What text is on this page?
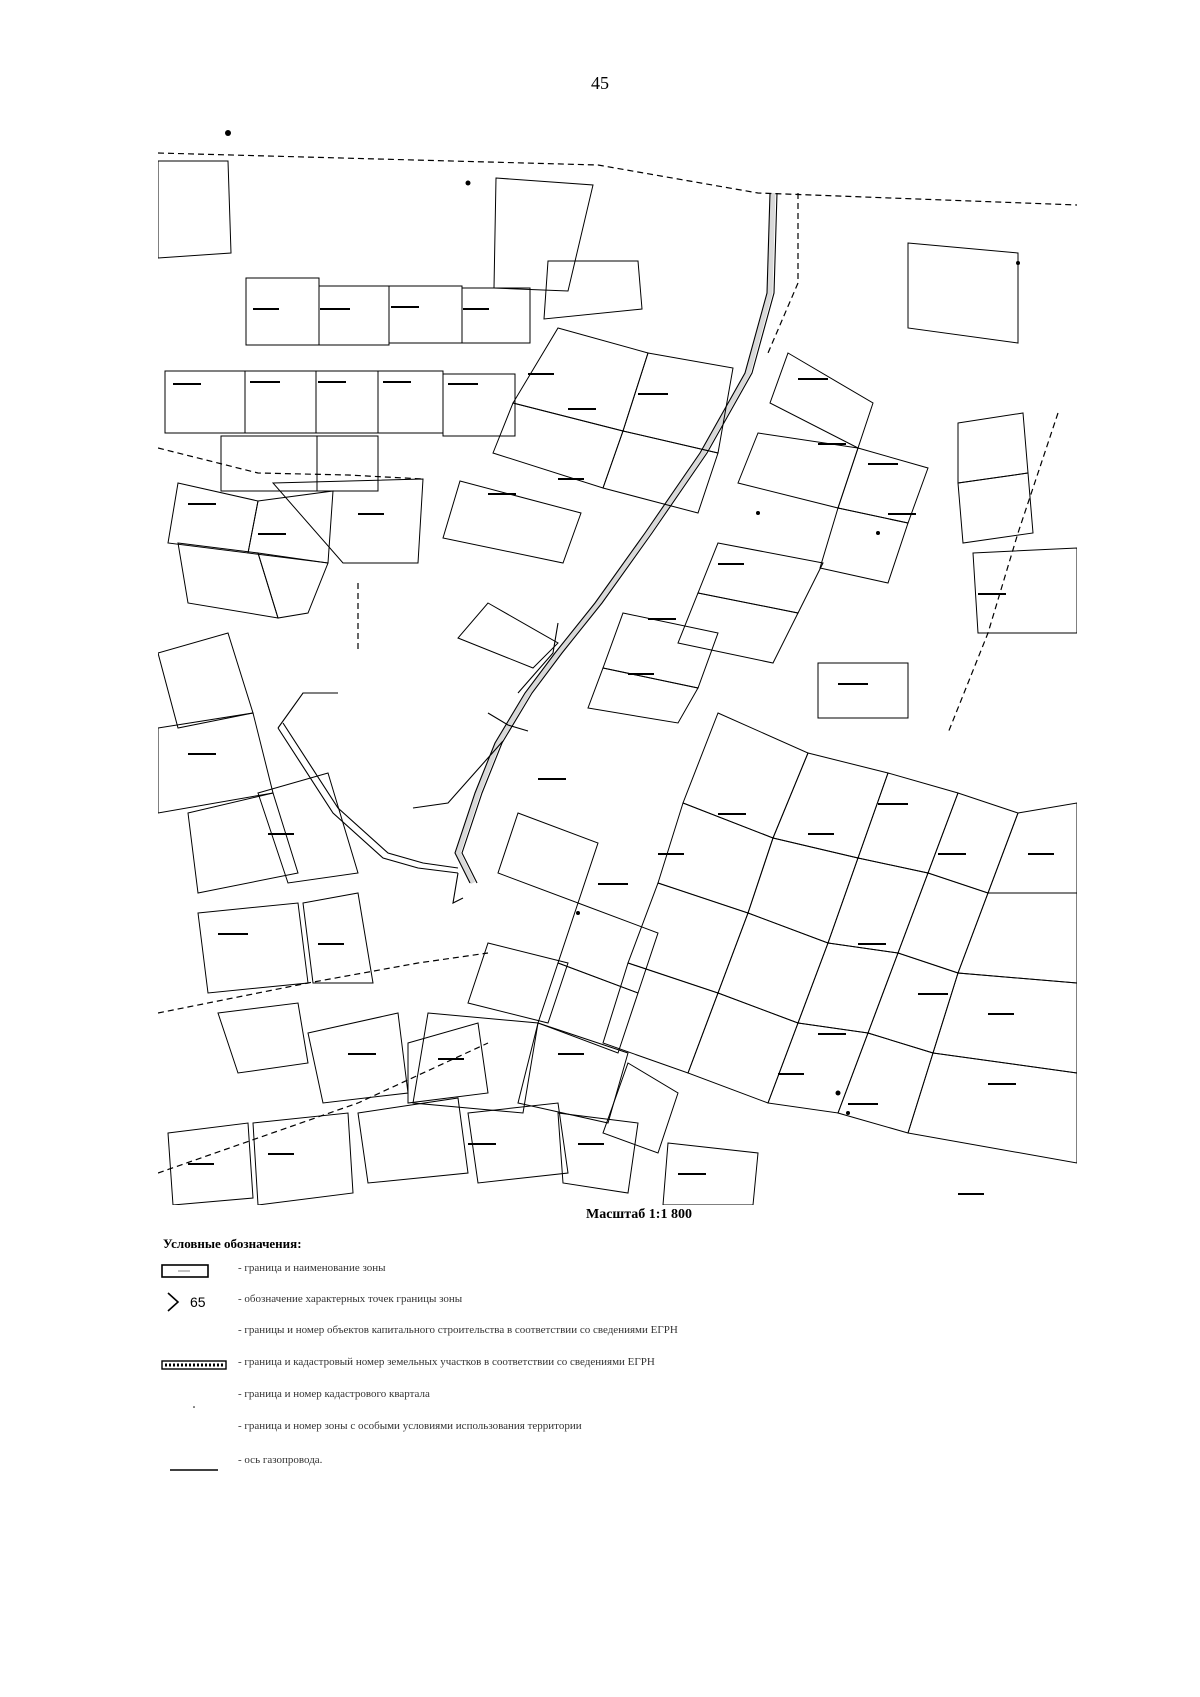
45
Масштаб 1:1 800
Условные обозначения:
- граница и наименование зоны
65	- обозначение характерных точек границы зоны
- границы и номер объектов капитального строительства в соответствии со сведениями ЕГРН
- граница и кадастровый номер земельных участков в соответствии со сведениями ЕГРН
- граница и номер кадастрового квартала
- граница и номер зоны с особыми условиями использования территории
- ось газопровода.
